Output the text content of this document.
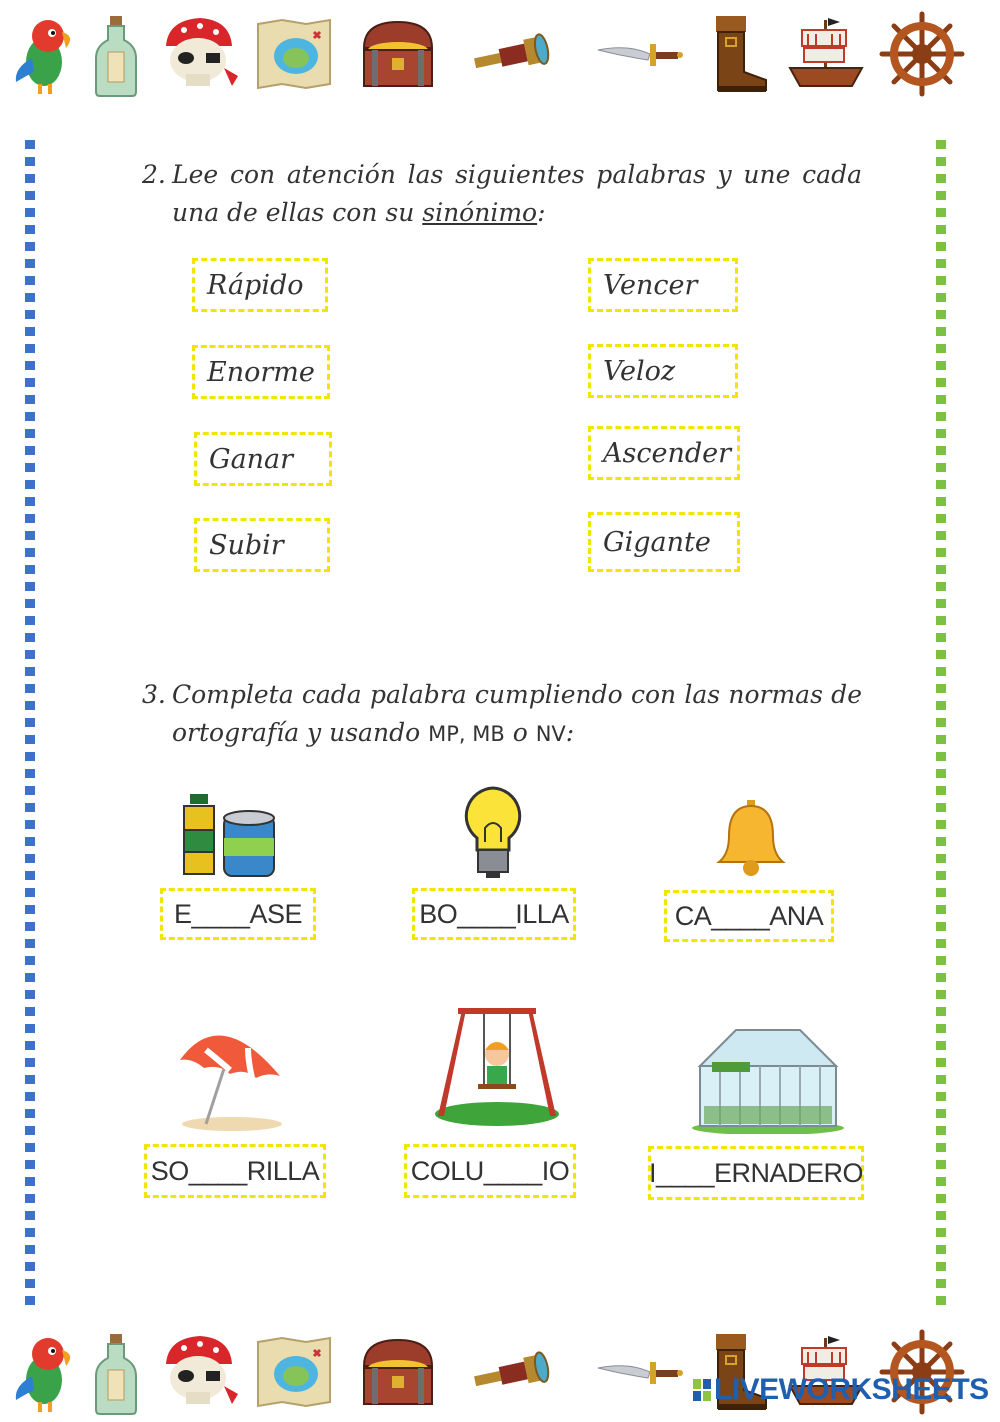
2. Lee con atención las siguientes palabras y une cada una de ellas con su sinónimo:
Rápido
Enorme
Ganar
Subir
Vencer
Veloz
Ascender
Gigante
3. Completa cada palabra cumpliendo con las normas de ortografía y usando MP, MB o NV:
E____ASE	BO____ILLA	CA____ANA
SO____RILLA	COLU____IO	I____ERNADERO
LIVEWORKSHEETS
